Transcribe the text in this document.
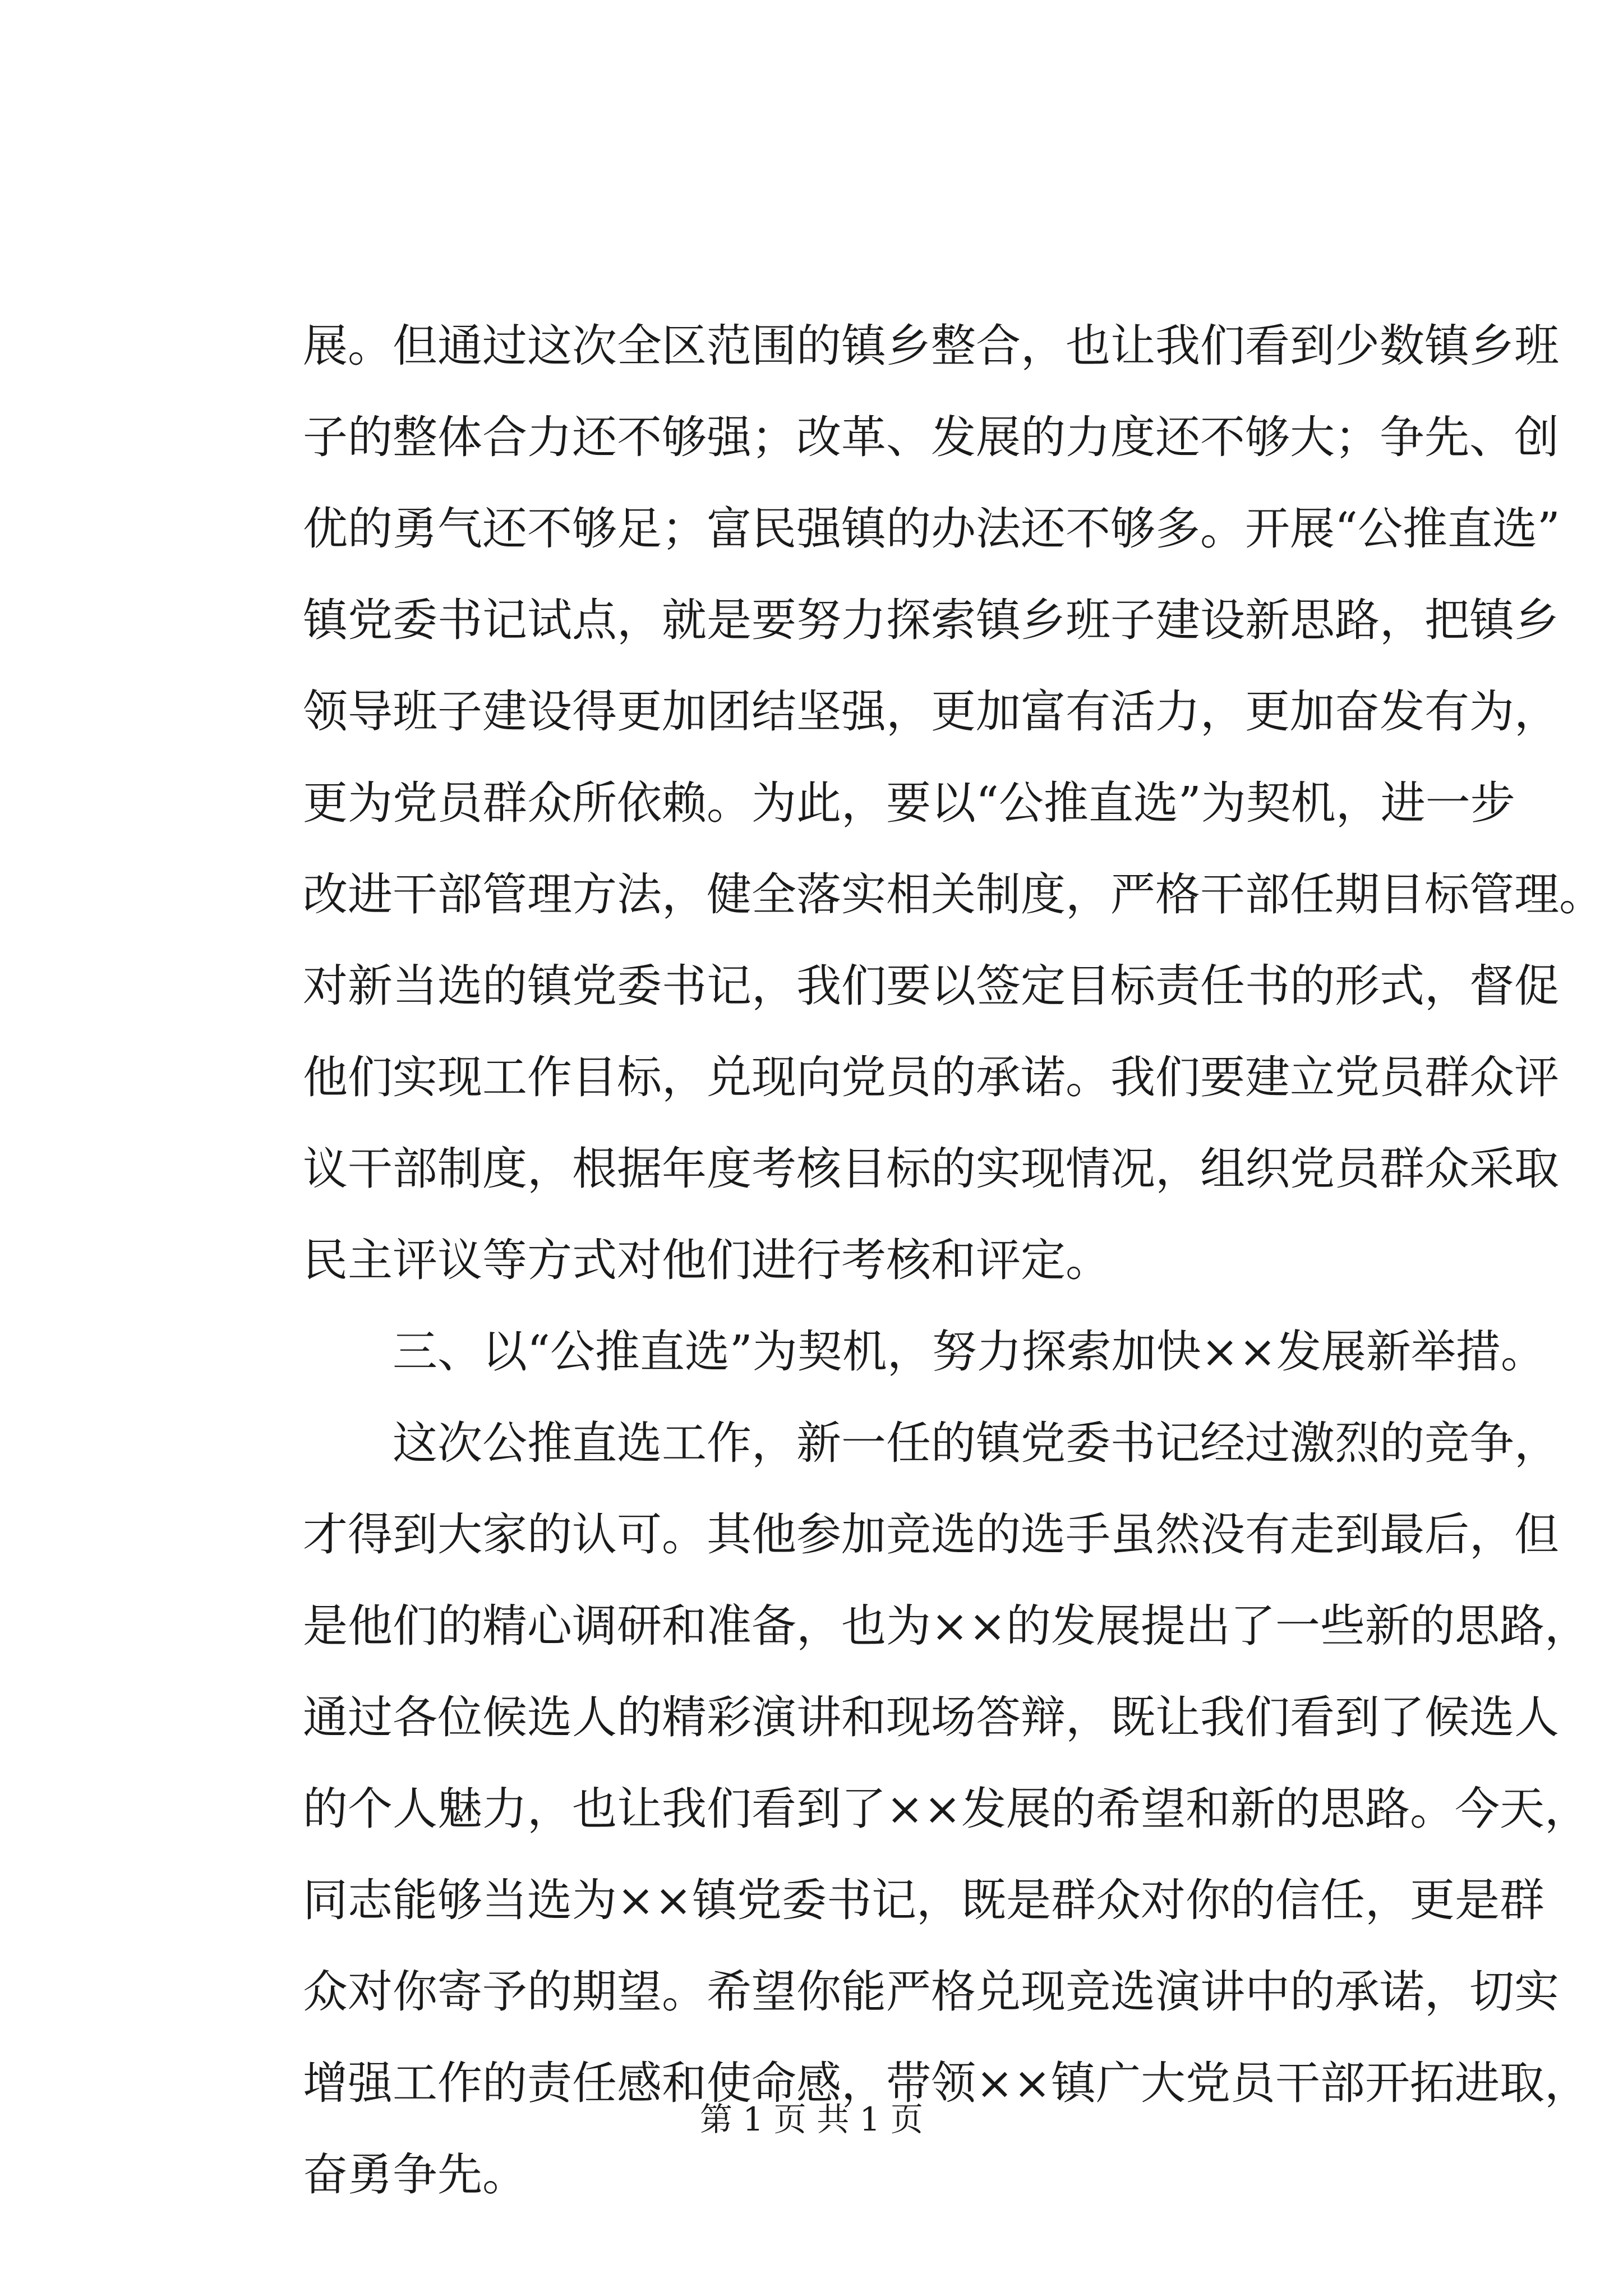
展。但通过这次全区范围的镇乡整合，也让我们看到少数镇乡班
子的整体合力还不够强；改革、发展的力度还不够大；争先、创
优的勇气还不够足；富民强镇的办法还不够多。开展“公推直选”
镇党委书记试点，就是要努力探索镇乡班子建设新思路，把镇乡
领导班子建设得更加团结坚强，更加富有活力，更加奋发有为，
更为党员群众所依赖。为此，要以“公推直选”为契机，进一步
改进干部管理方法，健全落实相关制度，严格干部任期目标管理。
对新当选的镇党委书记，我们要以签定目标责任书的形式，督促
他们实现工作目标，兑现向党员的承诺。我们要建立党员群众评
议干部制度，根据年度考核目标的实现情况，组织党员群众采取
民主评议等方式对他们进行考核和评定。
三、以“公推直选”为契机，努力探索加快××发展新举措。
这次公推直选工作，新一任的镇党委书记经过激烈的竞争，
才得到大家的认可。其他参加竞选的选手虽然没有走到最后，但
是他们的精心调研和准备，也为××的发展提出了一些新的思路，
通过各位候选人的精彩演讲和现场答辩，既让我们看到了候选人
的个人魅力，也让我们看到了××发展的希望和新的思路。今天，
同志能够当选为××镇党委书记，既是群众对你的信任，更是群
众对你寄予的期望。希望你能严格兑现竞选演讲中的承诺，切实
增强工作的责任感和使命感，带领××镇广大党员干部开拓进取，
奋勇争先。
第 1 页 共 1 页
